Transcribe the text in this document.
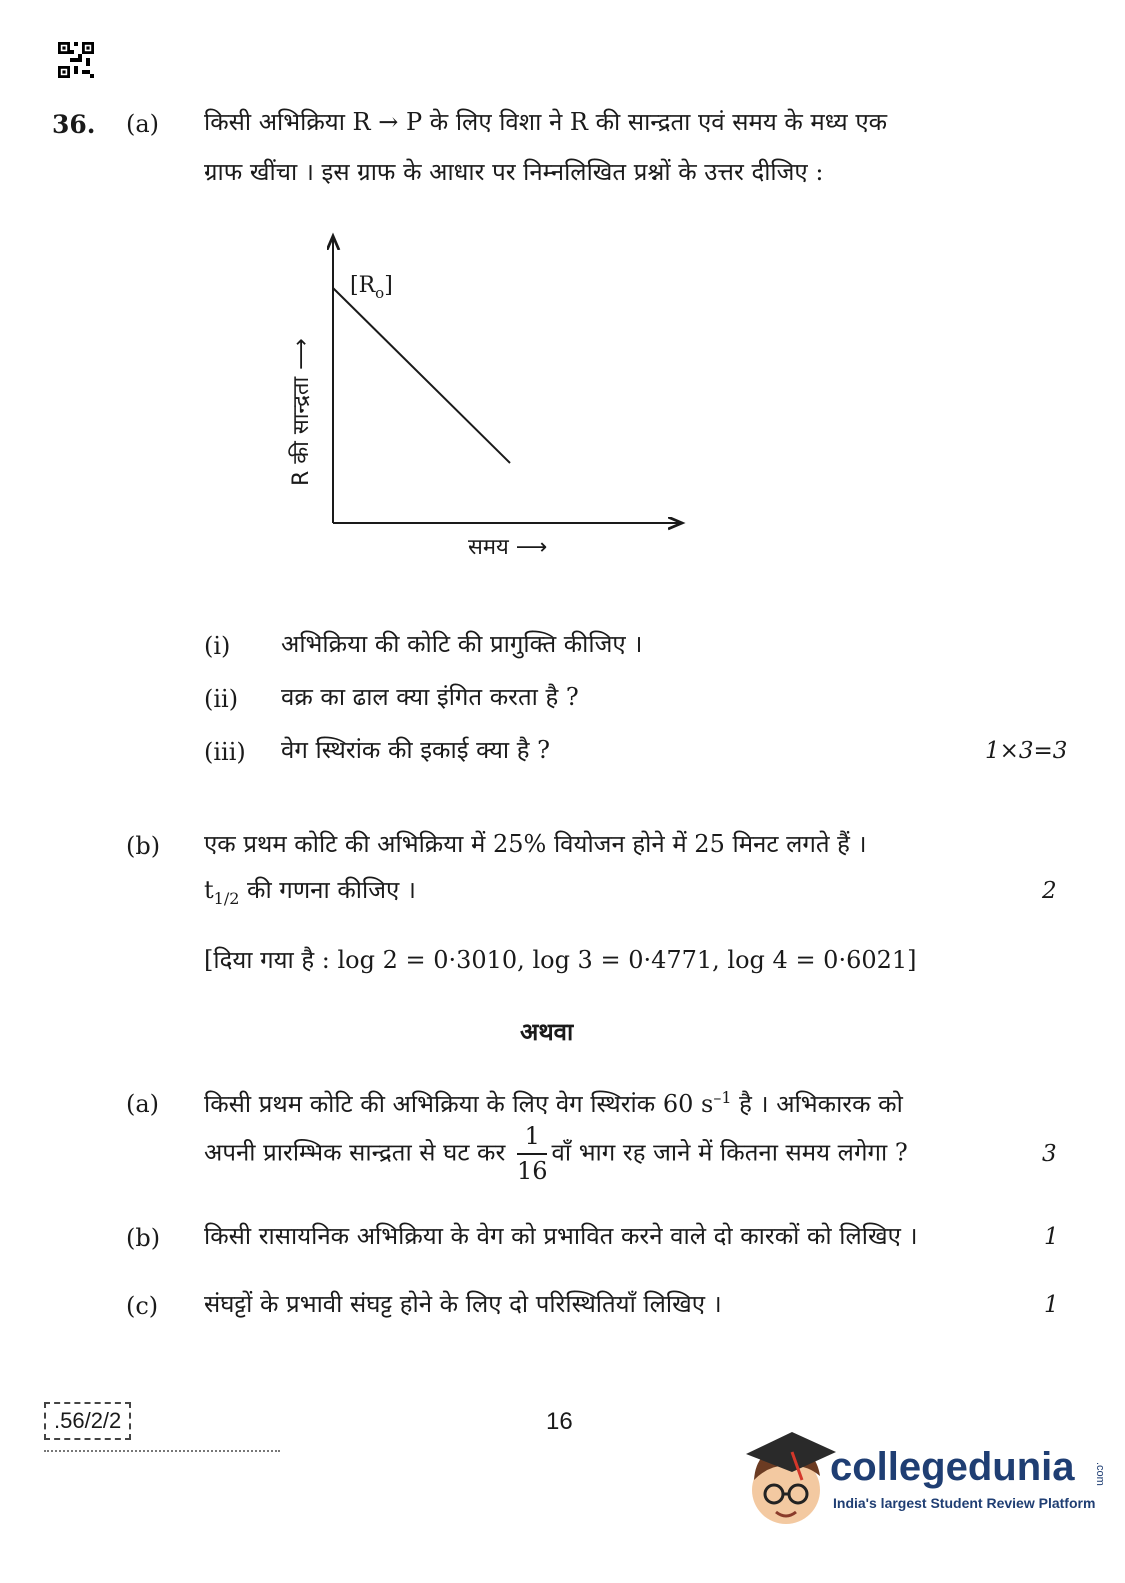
36. (a) किसी अभिक्रिया R → P के लिए विशा ने R की सान्द्रता एवं समय के मध्य एक
ग्राफ खींचा । इस ग्राफ के आधार पर निम्नलिखित प्रश्नों के उत्तर दीजिए :
$[R_o]$
R की सान्द्रता ⟶
समय ⟶
(i) अभिक्रिया की कोटि की प्रागुक्ति कीजिए ।
(ii) वक्र का ढाल क्या इंगित करता है ?
(iii) वेग स्थिरांक की इकाई क्या है ?	1×3=3
(b) एक प्रथम कोटि की अभिक्रिया में 25% वियोजन होने में 25 मिनट लगते हैं ।
$t_{1/2}$ की गणना कीजिए ।	2
[दिया गया है : log 2 = 0·3010, log 3 = 0·4771, log 4 = 0·6021]
अथवा
(a) किसी प्रथम कोटि की अभिक्रिया के लिए वेग स्थिरांक 60 $s^{-1}$ है । अभिकारक को
अपनी प्रारम्भिक सान्द्रता से घट कर $\frac{1}{16}$ वाँ भाग रह जाने में कितना समय लगेगा ?	3
(b) किसी रासायनिक अभिक्रिया के वेग को प्रभावित करने वाले दो कारकों को लिखिए ।	1
(c) संघट्टों के प्रभावी संघट्ट होने के लिए दो परिस्थितियाँ लिखिए ।	1
.56/2/2	16
collegedunia .com
India's largest Student Review Platform
